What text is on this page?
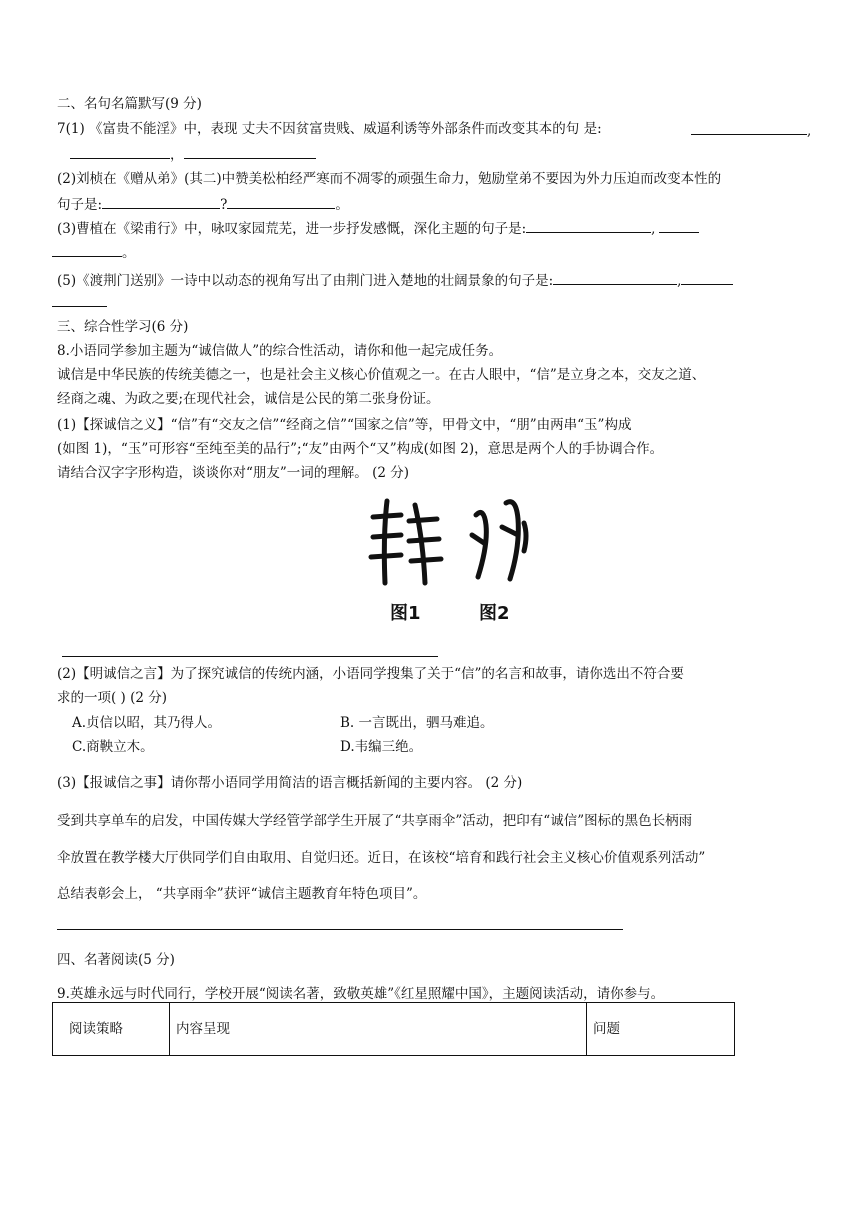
二、名句名篇默写(9 分)
7(1) 《富贵不能淫》中，表现 丈夫不因贫富贵贱、威逼利诱等外部条件而改变其本的句 是:	,
，
(2)刘桢在《赠从弟》(其二)中赞美松柏经严寒而不凋零的顽强生命力，勉励堂弟不要因为外力压迫而改变本性的
句子是:	?	。
(3)曹植在《梁甫行》中，咏叹家园荒芜，进一步抒发感慨，深化主题的句子是:	,
。
(5)《渡荆门送别》一诗中以动态的视角写出了由荆门进入楚地的壮阔景象的句子是:	,
三、综合性学习(6 分)
8.小语同学参加主题为“诚信做人”的综合性活动，请你和他一起完成任务。
诚信是中华民族的传统美德之一，也是社会主义核心价值观之一。在古人眼中，“信”是立身之本，交友之道、
经商之魂、为政之要;在现代社会，诚信是公民的第二张身份证。
(1)【探诚信之义】“信”有“交友之信”“经商之信”“国家之信”等，甲骨文中，“朋”由两串“玉”构成
(如图 1)，“玉”可形容“至纯至美的品行”;“友”由两个“又”构成(如图 2)，意思是两个人的手协调合作。
请结合汉字字形构造，谈谈你对“朋友”一词的理解。 (2 分)
图1	图2
(2)【明诚信之言】为了探究诚信的传统内涵，小语同学搜集了关于“信”的名言和故事，请你选出不符合要
求的一项( ) (2 分)
A.贞信以昭，其乃得人。	B. 一言既出，驷马难追。
C.商鞅立木。	D.韦编三绝。
(3)【报诚信之事】请你帮小语同学用简洁的语言概括新闻的主要内容。 (2 分)
受到共享单车的启发，中国传媒大学经管学部学生开展了“共享雨伞”活动，把印有“诚信”图标的黑色长柄雨
伞放置在教学楼大厅供同学们自由取用、自觉归还。近日，在该校“培育和践行社会主义核心价值观系列活动”
总结表彰会上， “共享雨伞”获评“诚信主题教育年特色项目”。
四、名著阅读(5 分)
9.英雄永远与时代同行，学校开展“阅读名著，致敬英雄”《红星照耀中国》，主题阅读活动，请你参与。
阅读策略	内容呈现	问题
